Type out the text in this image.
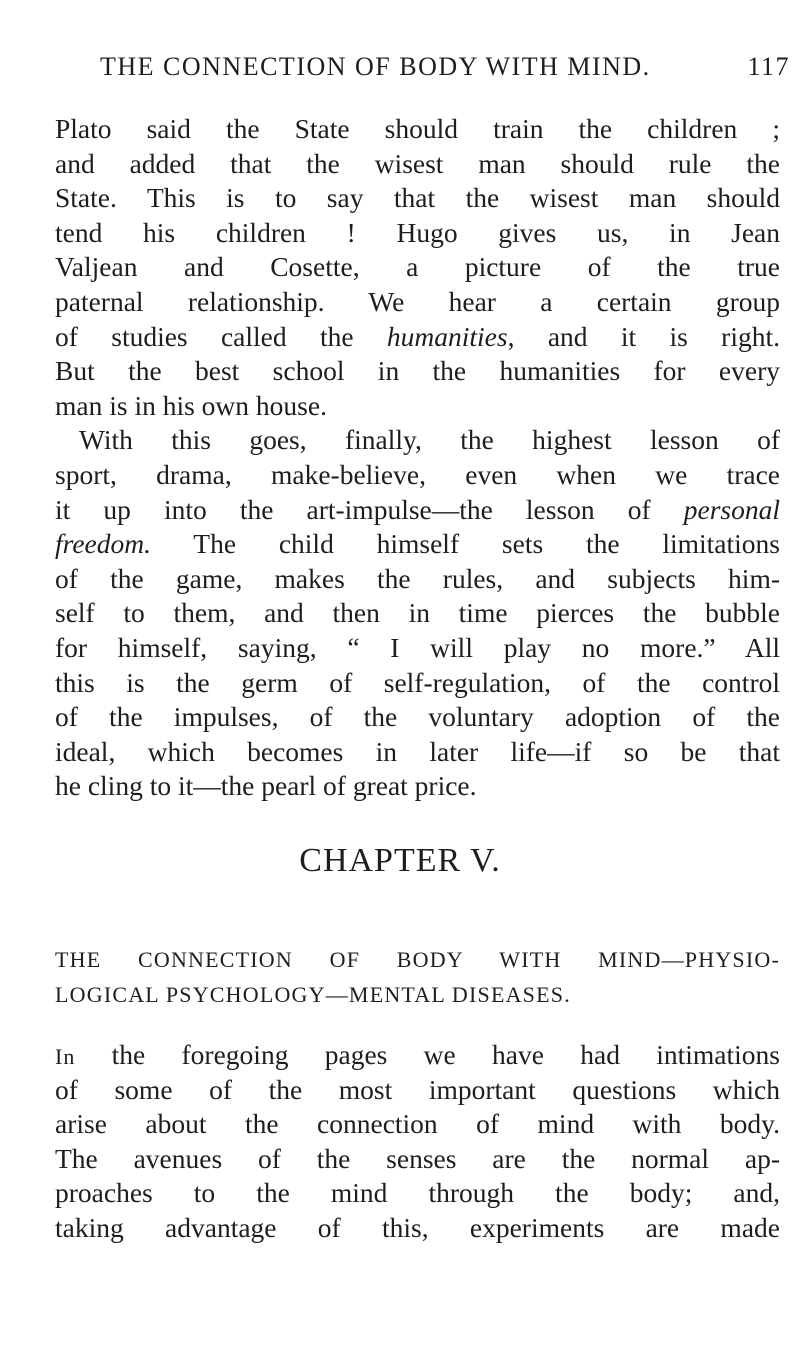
THE CONNECTION OF BODY WITH MIND.	117
Plato said the State should train the children ;
and added that the wisest man should rule the
State. This is to say that the wisest man should
tend his children ! Hugo gives us, in Jean
Valjean and Cosette, a picture of the true
paternal relationship. We hear a certain group
of studies called the humanities, and it is right.
But the best school in the humanities for every
man is in his own house.
With this goes, finally, the highest lesson of
sport, drama, make-believe, even when we trace
it up into the art-impulse—the lesson of personal
freedom. The child himself sets the limitations
of the game, makes the rules, and subjects him-
self to them, and then in time pierces the bubble
for himself, saying, “ I will play no more.” All
this is the germ of self-regulation, of the control
of the impulses, of the voluntary adoption of the
ideal, which becomes in later life—if so be that
he cling to it—the pearl of great price.
CHAPTER V.
THE CONNECTION OF BODY WITH MIND—PHYSIO-
LOGICAL PSYCHOLOGY—MENTAL DISEASES.
In the foregoing pages we have had intimations
of some of the most important questions which
arise about the connection of mind with body.
The avenues of the senses are the normal ap-
proaches to the mind through the body; and,
taking advantage of this, experiments are made
